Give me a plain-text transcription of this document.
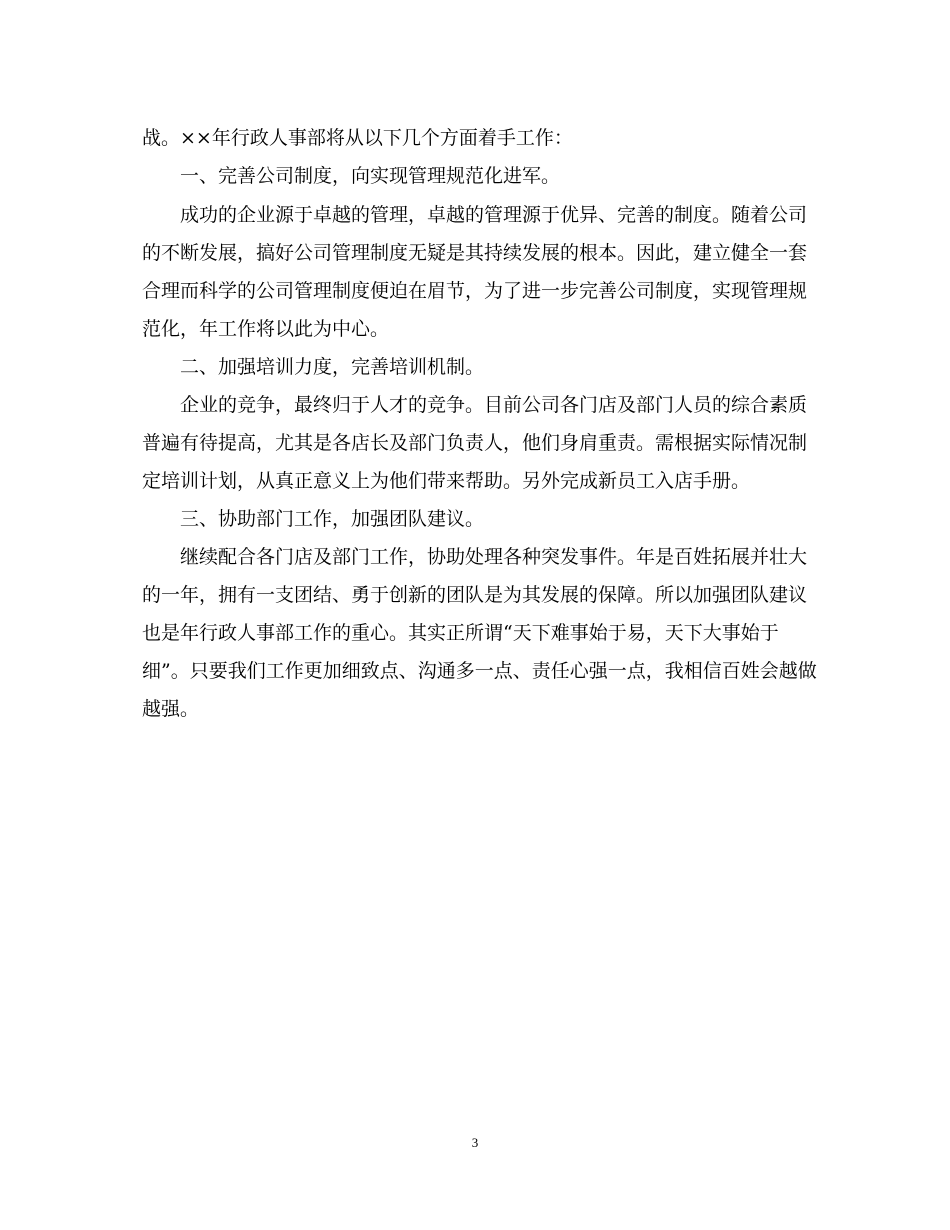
战。××年行政人事部将从以下几个方面着手工作：
一、完善公司制度，向实现管理规范化进军。
成功的企业源于卓越的管理，卓越的管理源于优异、完善的制度。随着公司
的不断发展，搞好公司管理制度无疑是其持续发展的根本。因此，建立健全一套
合理而科学的公司管理制度便迫在眉节，为了进一步完善公司制度，实现管理规
范化，年工作将以此为中心。
二、加强培训力度，完善培训机制。
企业的竞争，最终归于人才的竞争。目前公司各门店及部门人员的综合素质
普遍有待提高，尤其是各店长及部门负责人，他们身肩重责。需根据实际情况制
定培训计划，从真正意义上为他们带来帮助。另外完成新员工入店手册。
三、协助部门工作，加强团队建议。
继续配合各门店及部门工作，协助处理各种突发事件。年是百姓拓展并壮大
的一年，拥有一支团结、勇于创新的团队是为其发展的保障。所以加强团队建议
也是年行政人事部工作的重心。其实正所谓“天下难事始于易，天下大事始于
细”。只要我们工作更加细致点、沟通多一点、责任心强一点，我相信百姓会越做
越强。
3
